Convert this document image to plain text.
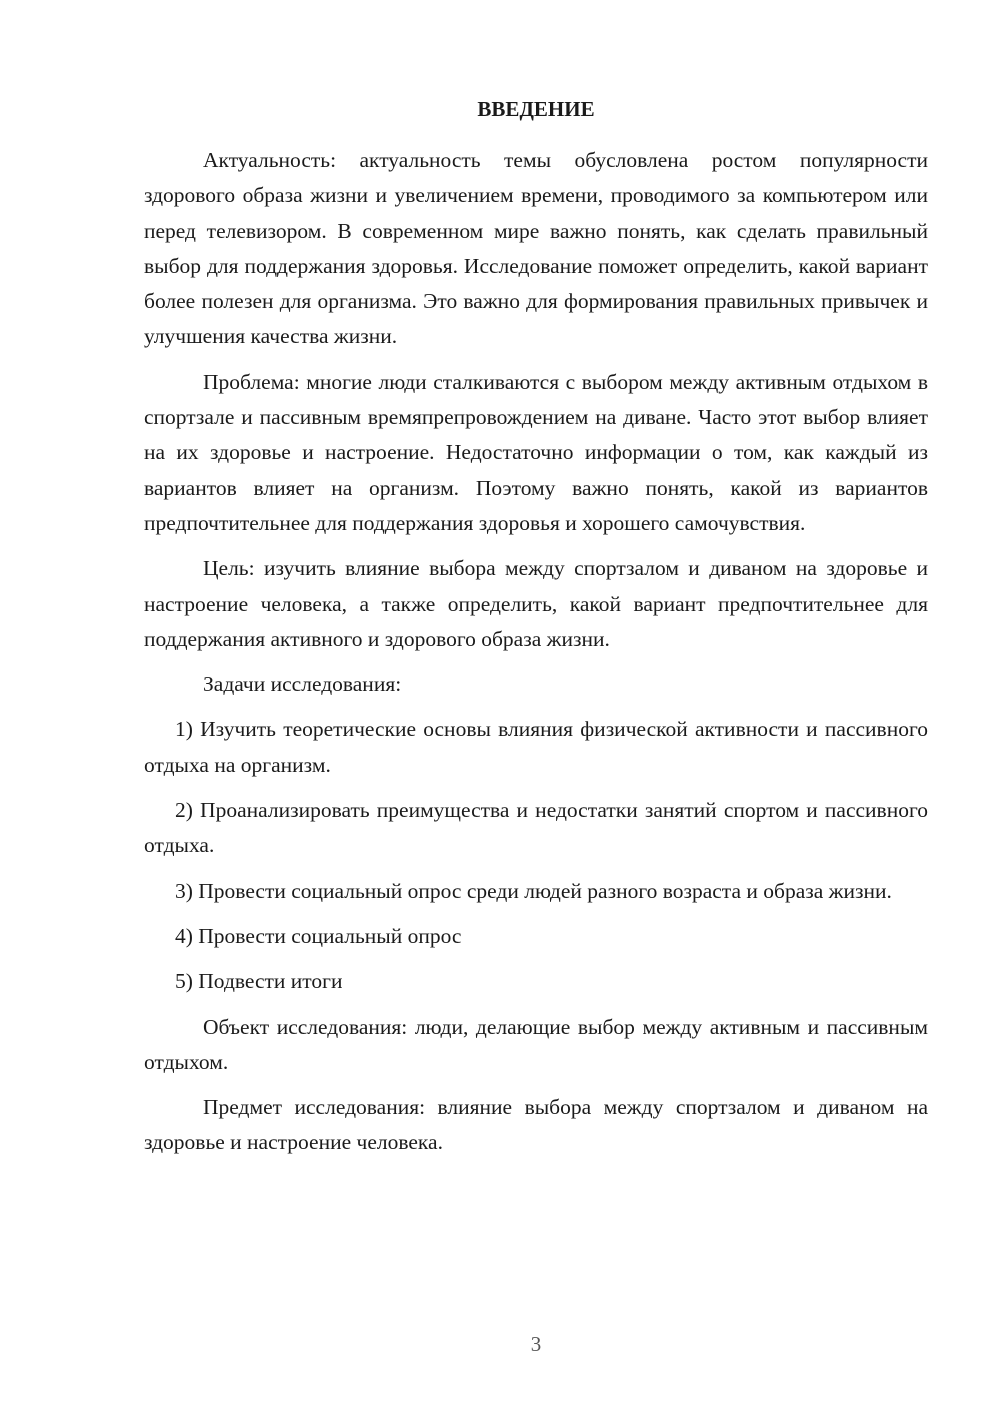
ВВЕДЕНИЕ

Актуальность: актуальность темы обусловлена ростом популярности здорового образа жизни и увеличением времени, проводимого за компьютером или перед телевизором. В современном мире важно понять, как сделать правильный выбор для поддержания здоровья. Исследование поможет определить, какой вариант более полезен для организма. Это важно для формирования правильных привычек и улучшения качества жизни.

Проблема: многие люди сталкиваются с выбором между активным отдыхом в спортзале и пассивным времяпрепровождением на диване. Часто этот выбор влияет на их здоровье и настроение. Недостаточно информации о том, как каждый из вариантов влияет на организм. Поэтому важно понять, какой из вариантов предпочтительнее для поддержания здоровья и хорошего самочувствия.

Цель: изучить влияние выбора между спортзалом и диваном на здоровье и настроение человека, а также определить, какой вариант предпочтительнее для поддержания активного и здорового образа жизни.

Задачи исследования:

1) Изучить теоретические основы влияния физической активности и пассивного отдыха на организм.

2) Проанализировать преимущества и недостатки занятий спортом и пассивного отдыха.

3) Провести социальный опрос среди людей разного возраста и образа жизни.

4) Провести социальный опрос

5) Подвести итоги

Объект исследования: люди, делающие выбор между активным и пассивным отдыхом.

Предмет исследования: влияние выбора между спортзалом и диваном на здоровье и настроение человека.

3
